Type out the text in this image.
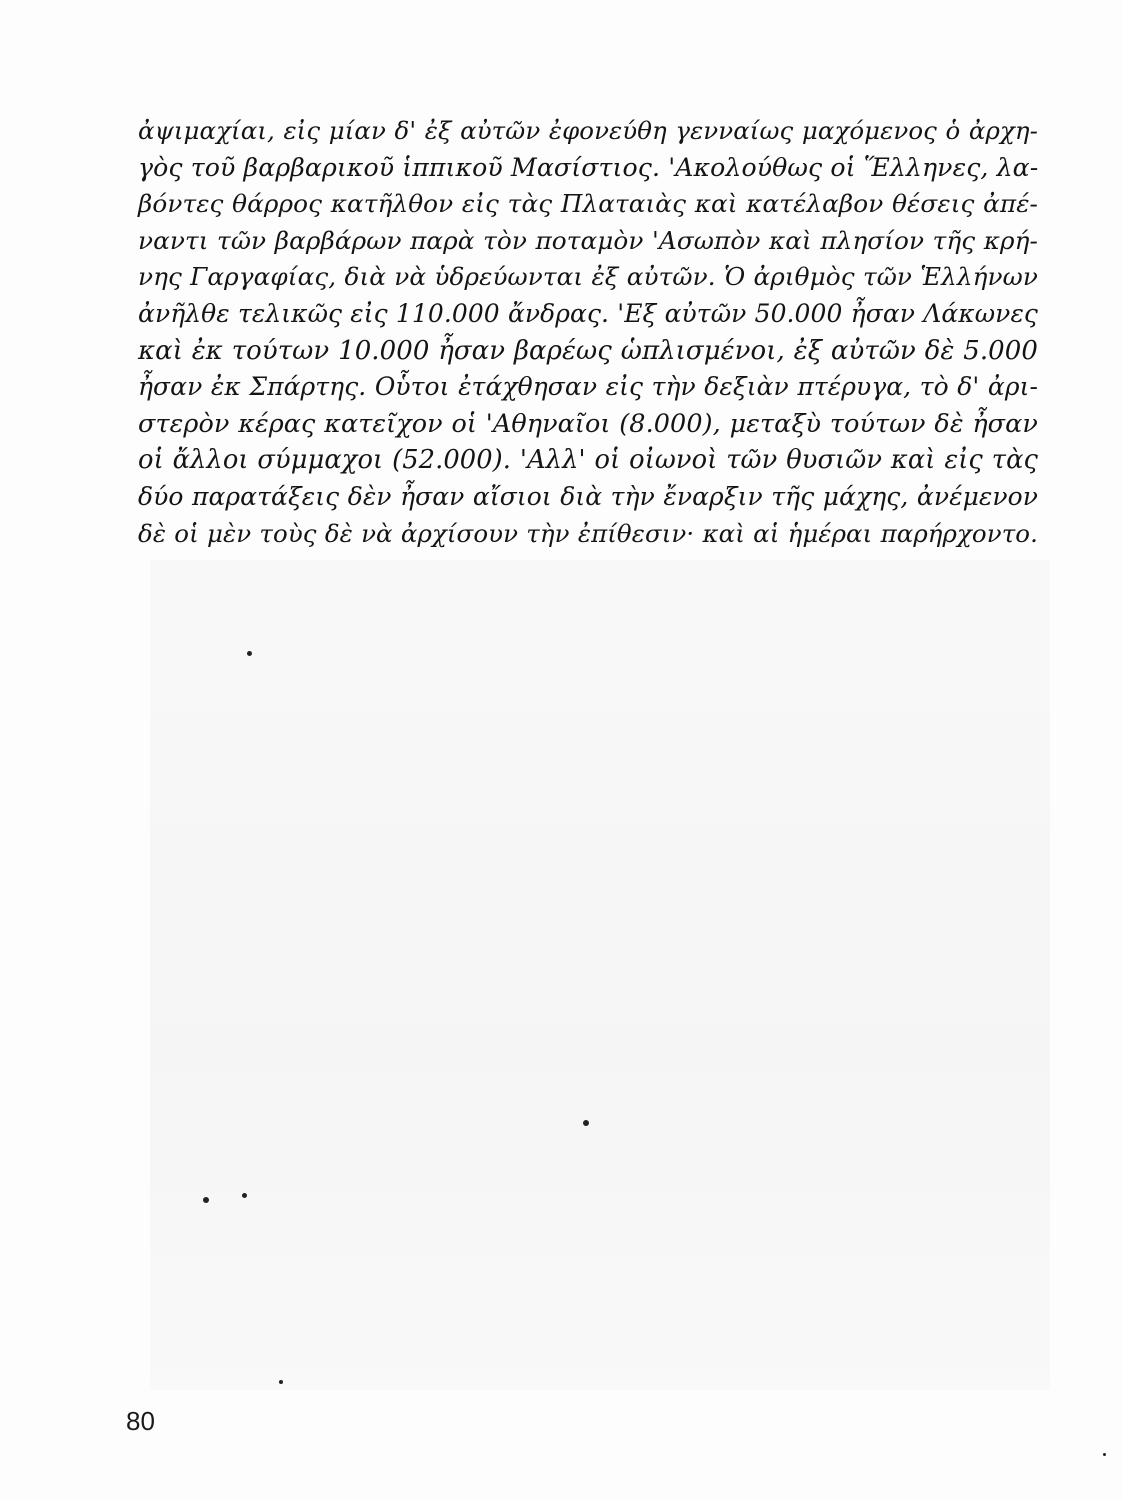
ἀψιμαχίαι, εἰς μίαν δ' ἐξ αὐτῶν ἐφονεύθη γενναίως μαχόμενος ὁ ἀρχη-
γὸς τοῦ βαρβαρικοῦ ἱππικοῦ Μασίστιος. 'Ακολούθως οἱ Ἕλληνες, λα-
βόντες θάρρος κατῆλθον εἰς τὰς Πλαταιὰς καὶ κατέλαβον θέσεις ἀπέ-
ναντι τῶν βαρβάρων παρὰ τὸν ποταμὸν 'Ασωπὸν καὶ πλησίον τῆς κρή-
νης Γαργαφίας, διὰ νὰ ὑδρεύωνται ἐξ αὐτῶν. Ὁ ἀριθμὸς τῶν Ἑλλήνων
ἀνῆλθε τελικῶς εἰς 110.000 ἄνδρας. 'Εξ αὐτῶν 50.000 ἦσαν Λάκωνες
καὶ ἐκ τούτων 10.000 ἦσαν βαρέως ὡπλισμένοι, ἐξ αὐτῶν δὲ 5.000
ἦσαν ἐκ Σπάρτης. Οὗτοι ἐτάχθησαν εἰς τὴν δεξιὰν πτέρυγα, τὸ δ' ἀρι-
στερὸν κέρας κατεῖχον οἱ 'Αθηναῖοι (8.000), μεταξὺ τούτων δὲ ἦσαν
οἱ ἄλλοι σύμμαχοι (52.000). 'Αλλ' οἱ οἰωνοὶ τῶν θυσιῶν καὶ εἰς τὰς
δύο παρατάξεις δὲν ἦσαν αἴσιοι διὰ τὴν ἔναρξιν τῆς μάχης, ἀνέμενον
δὲ οἱ μὲν τοὺς δὲ νὰ ἀρχίσουν τὴν ἐπίθεσιν· καὶ αἱ ἡμέραι παρήρχοντο.
80
